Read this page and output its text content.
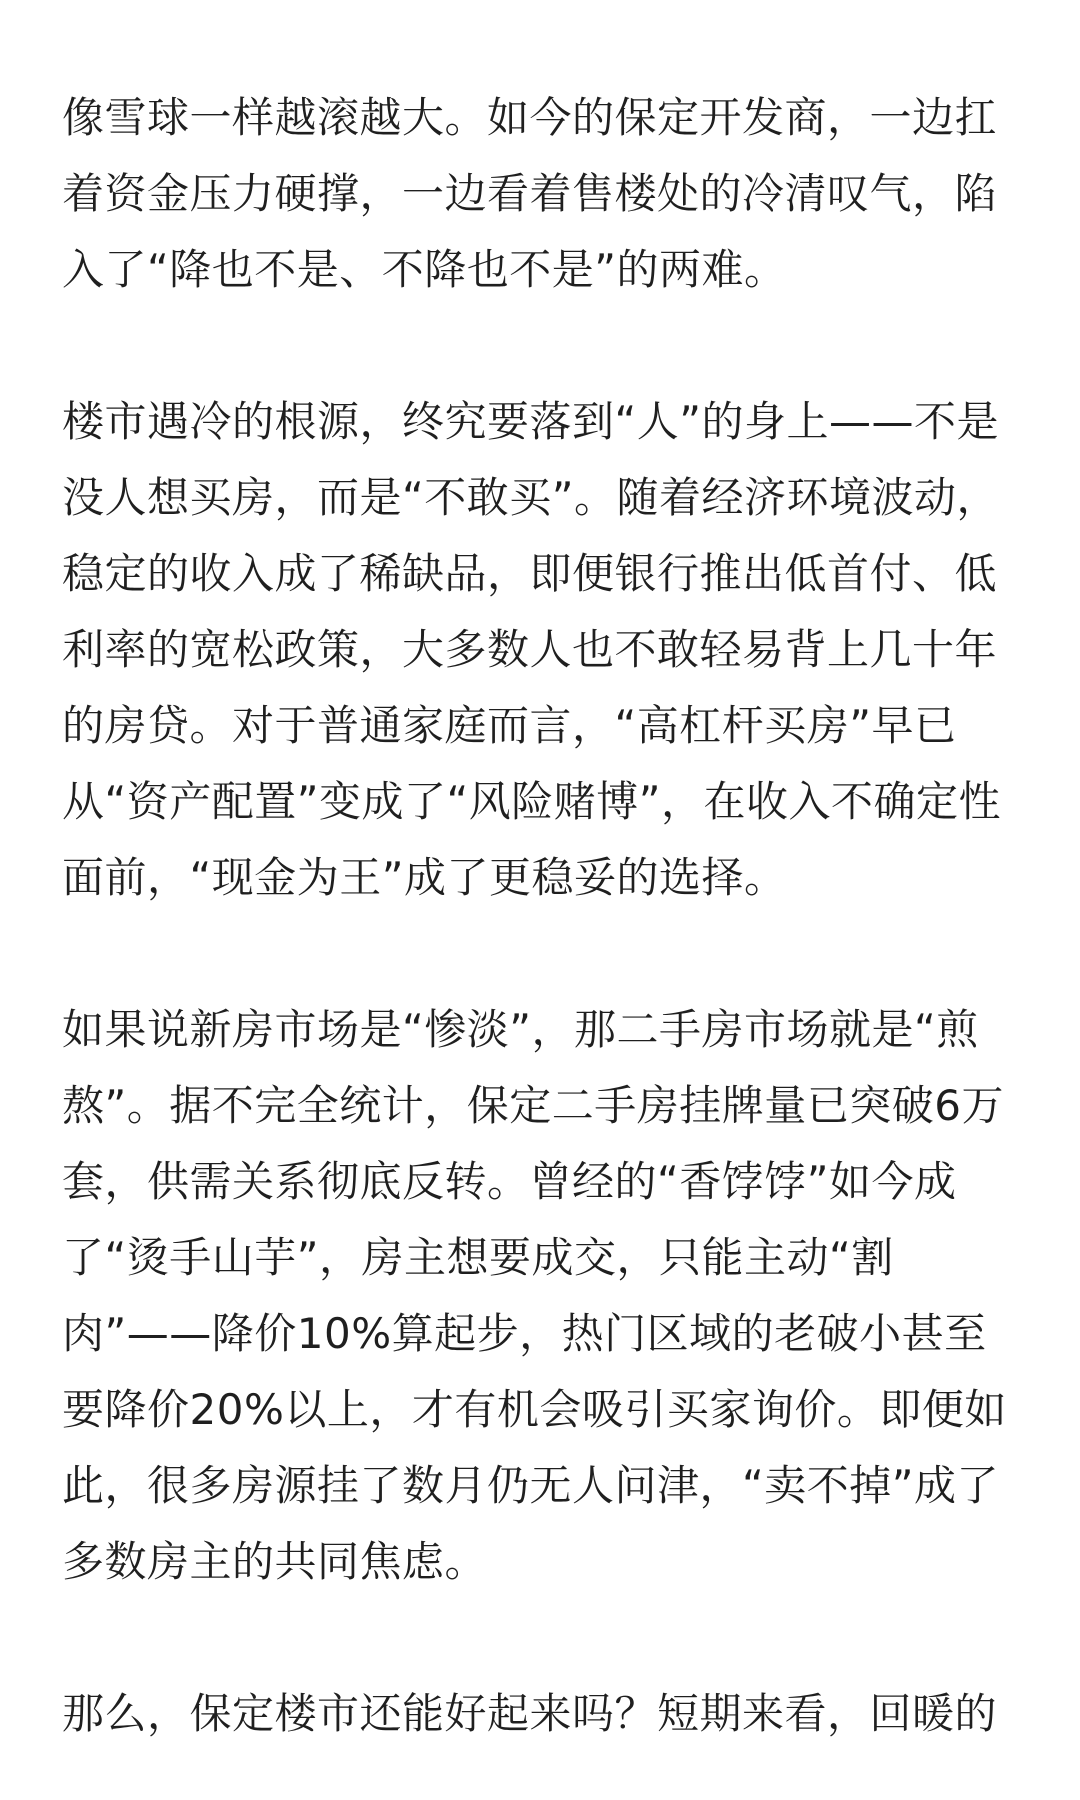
像雪球一样越滚越大。如今的保定开发商，一边扛
着资金压力硬撑，一边看着售楼处的冷清叹气，陷
入了“降也不是、不降也不是”的两难。

楼市遇冷的根源，终究要落到“人”的身上——不是
没人想买房，而是“不敢买”。随着经济环境波动，
稳定的收入成了稀缺品，即便银行推出低首付、低
利率的宽松政策，大多数人也不敢轻易背上几十年
的房贷。对于普通家庭而言，“高杠杆买房”早已
从“资产配置”变成了“风险赌博”，在收入不确定性
面前，“现金为王”成了更稳妥的选择。

如果说新房市场是“惨淡”，那二手房市场就是“煎
熬”。据不完全统计，保定二手房挂牌量已突破6万
套，供需关系彻底反转。曾经的“香饽饽”如今成
了“烫手山芋”，房主想要成交，只能主动“割
肉”——降价10%算起步，热门区域的老破小甚至
要降价20%以上，才有机会吸引买家询价。即便如
此，很多房源挂了数月仍无人问津，“卖不掉”成了
多数房主的共同焦虑。

那么，保定楼市还能好起来吗？短期来看，回暖的
